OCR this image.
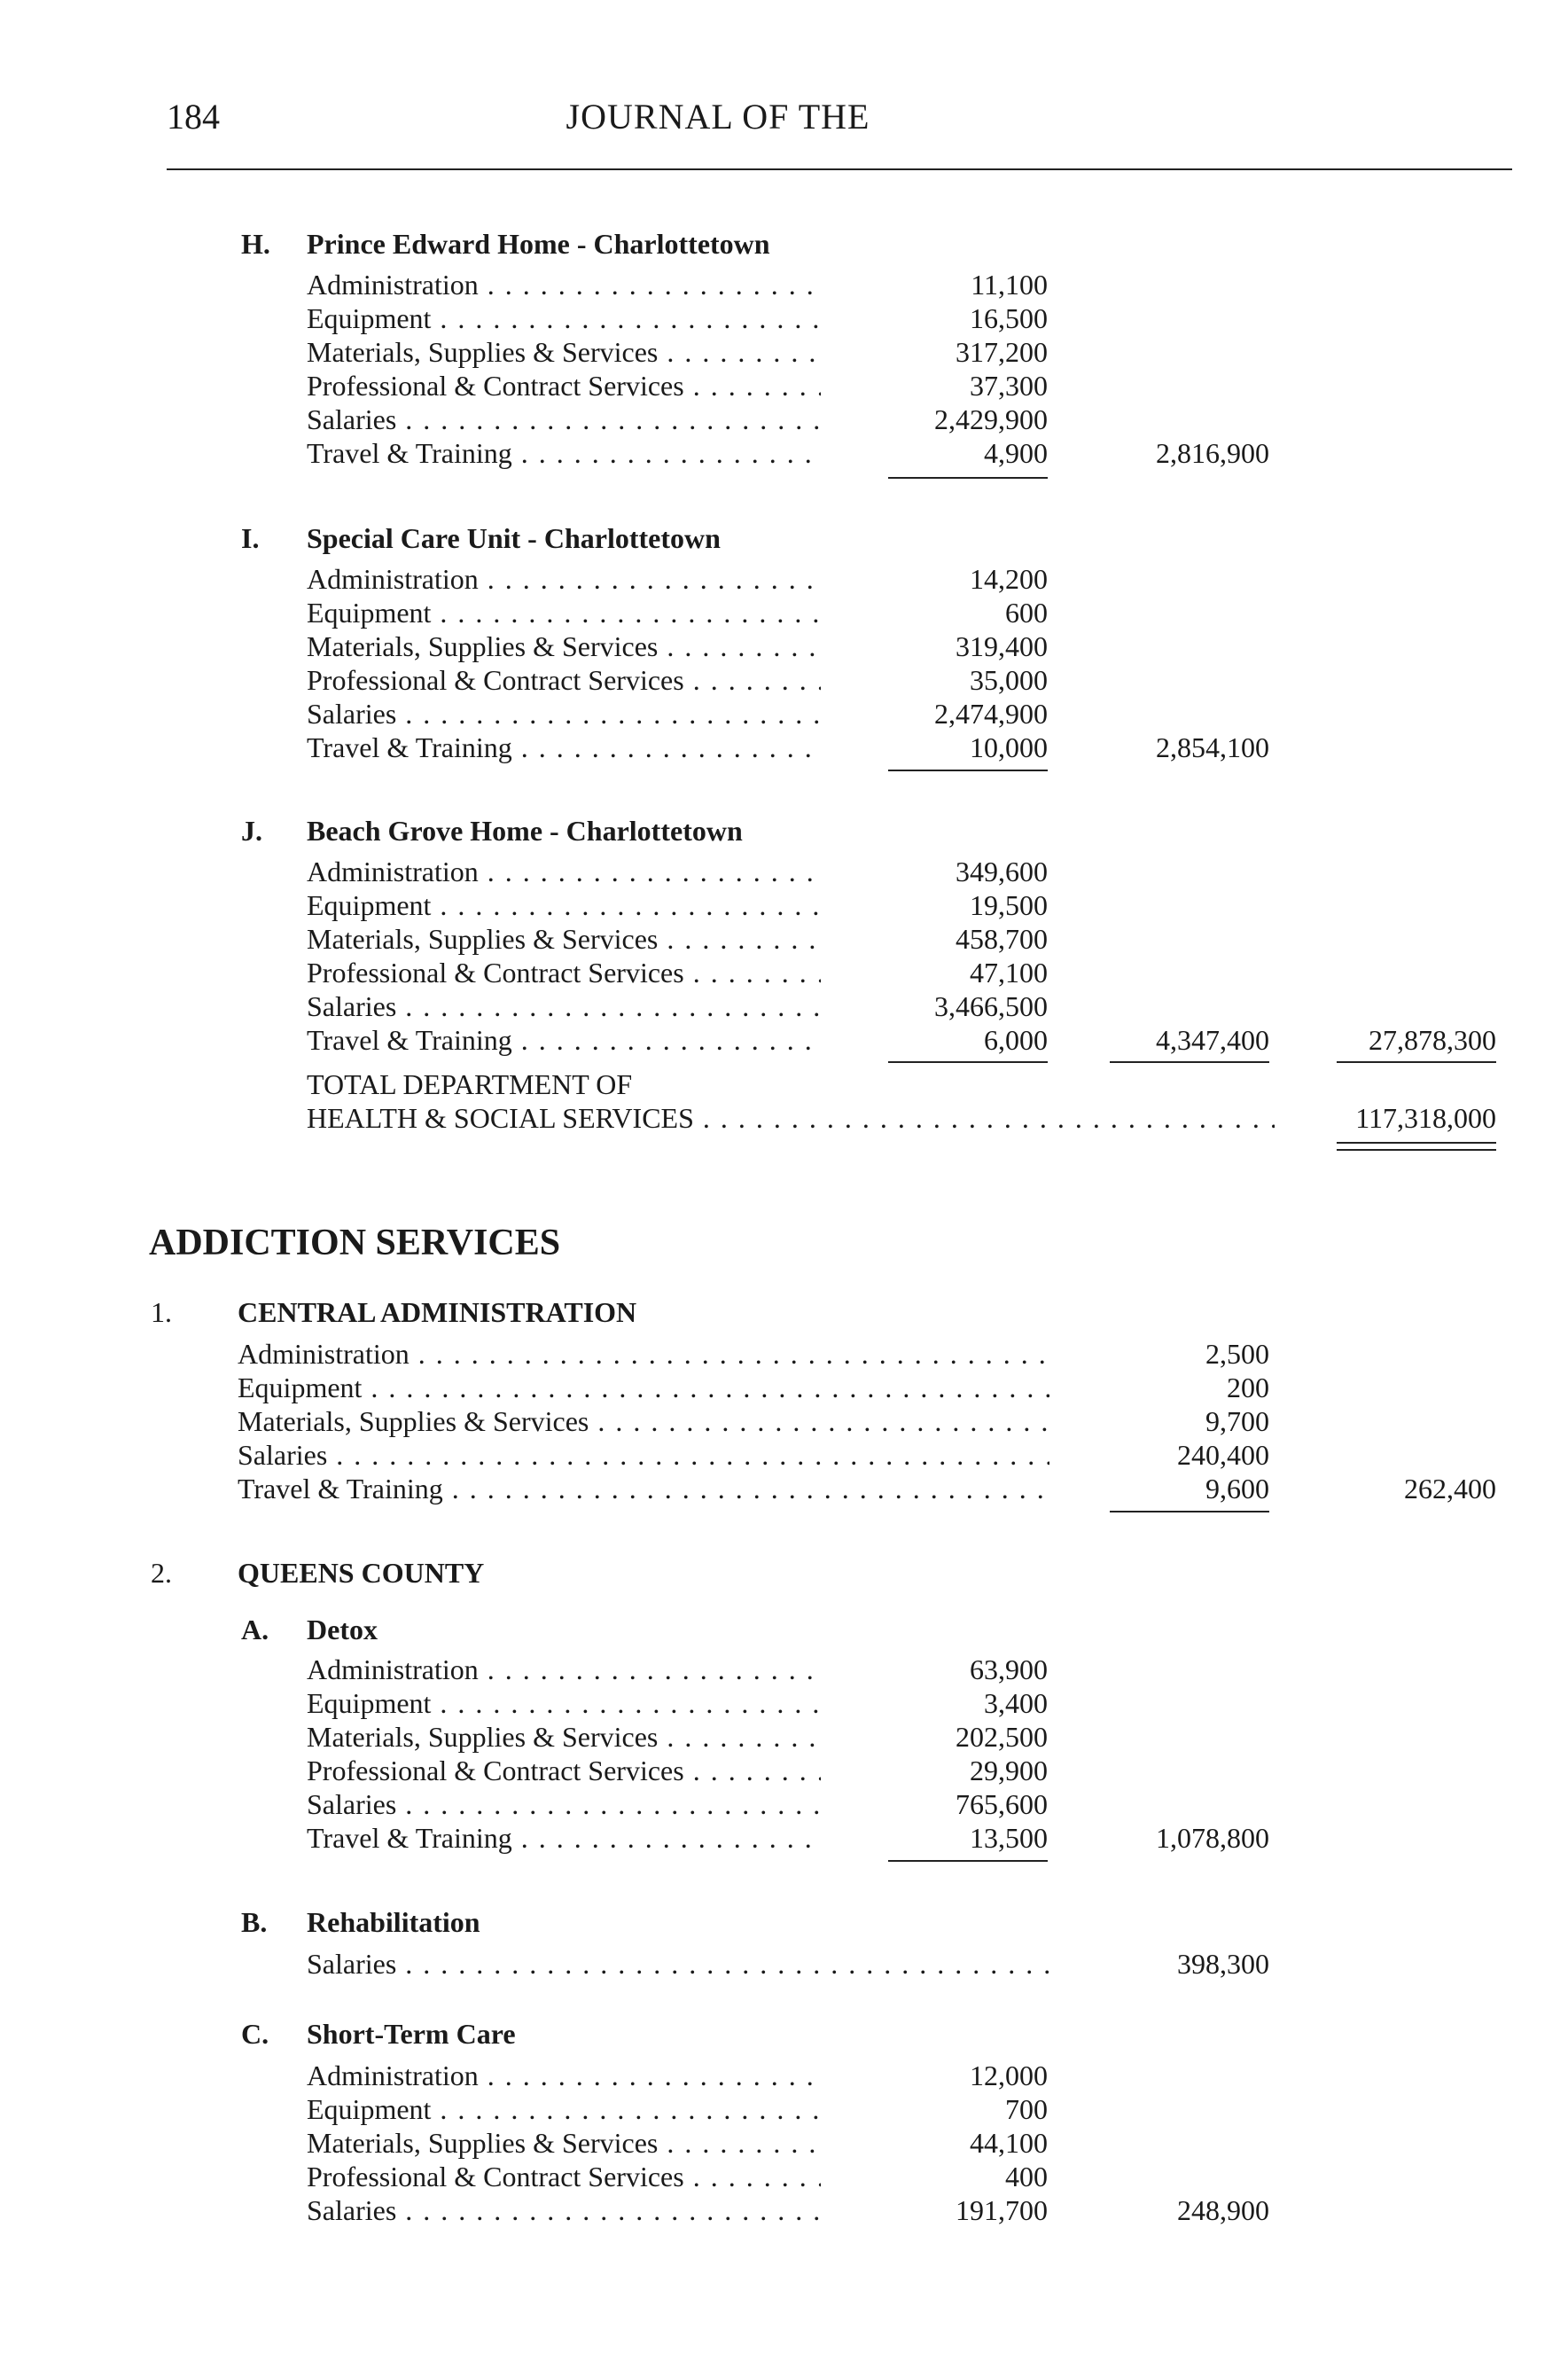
184	JOURNAL OF THE
H. Prince Edward Home - Charlottetown
Administration . . .	11,100
Equipment . . .	16,500
Materials, Supplies & Services . . .	317,200
Professional & Contract Services . . .	37,300
Salaries . . .	2,429,900
Travel & Training . . .	4,900	2,816,900
I. Special Care Unit - Charlottetown
Administration . . .	14,200
Equipment . . .	600
Materials, Supplies & Services . . .	319,400
Professional & Contract Services . . .	35,000
Salaries . . .	2,474,900
Travel & Training . . .	10,000	2,854,100
J. Beach Grove Home - Charlottetown
Administration . . .	349,600
Equipment . . .	19,500
Materials, Supplies & Services . . .	458,700
Professional & Contract Services . . .	47,100
Salaries . . .	3,466,500
Travel & Training . . .	6,000	4,347,400	27,878,300
TOTAL DEPARTMENT OF
HEALTH & SOCIAL SERVICES . . .	117,318,000
ADDICTION SERVICES
1. CENTRAL ADMINISTRATION
Administration . . .	2,500
Equipment . . .	200
Materials, Supplies & Services . . .	9,700
Salaries . . .	240,400
Travel & Training . . .	9,600	262,400
2. QUEENS COUNTY
A. Detox
Administration . . .	63,900
Equipment . . .	3,400
Materials, Supplies & Services . . .	202,500
Professional & Contract Services . . .	29,900
Salaries . . .	765,600
Travel & Training . . .	13,500	1,078,800
B. Rehabilitation
Salaries . . .	398,300
C. Short-Term Care
Administration . . .	12,000
Equipment . . .	700
Materials, Supplies & Services . . .	44,100
Professional & Contract Services . . .	400
Salaries . . .	191,700	248,900
